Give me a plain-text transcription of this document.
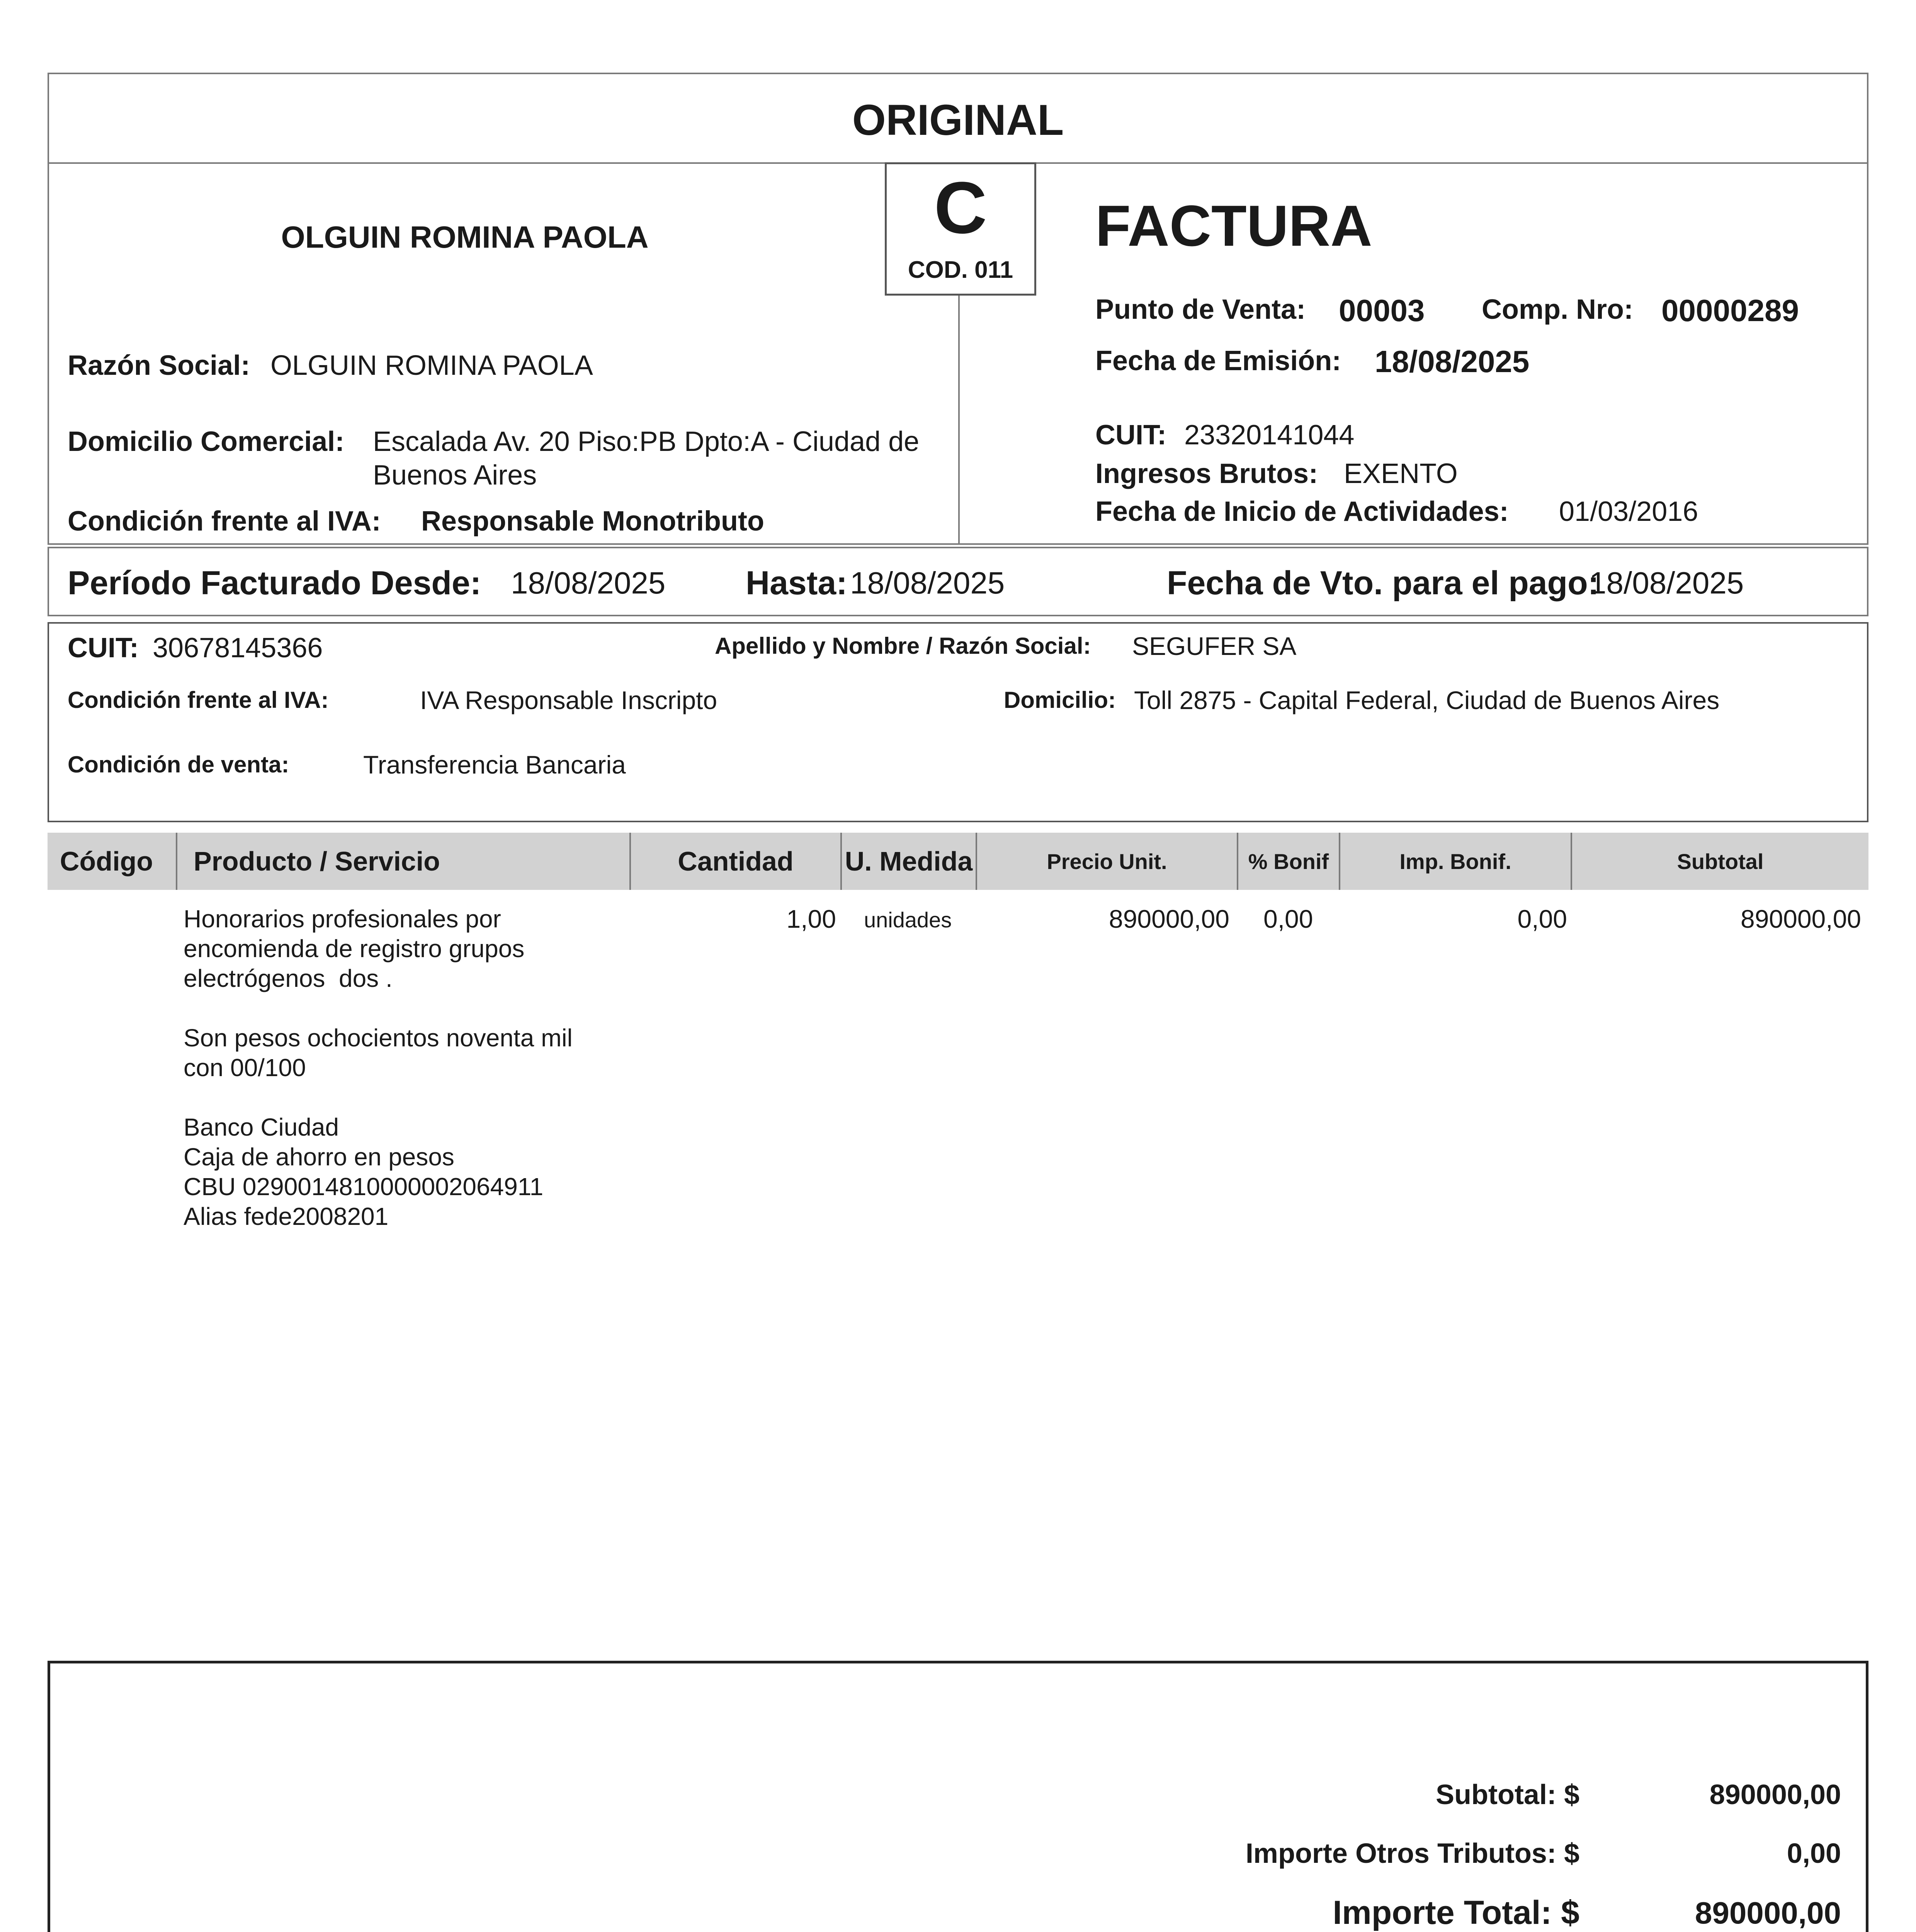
ORIGINAL
C
COD. 011
OLGUIN ROMINA PAOLA
Razón Social: OLGUIN ROMINA PAOLA
Domicilio Comercial: Escalada Av. 20 Piso:PB Dpto:A - Ciudad de
Buenos Aires
Condición frente al IVA: Responsable Monotributo
FACTURA
Punto de Venta: 00003 Comp. Nro: 00000289
Fecha de Emisión: 18/08/2025
CUIT: 23320141044
Ingresos Brutos: EXENTO
Fecha de Inicio de Actividades: 01/03/2016
Período Facturado Desde: 18/08/2025 Hasta: 18/08/2025	Fecha de Vto. para el pago:
18/08/2025
CUIT: 30678145366	Apellido y Nombre / Razón Social: SEGUFER SA
Condición frente al IVA:	IVA Responsable Inscripto	Domicilio: Toll 2875 - Capital Federal, Ciudad de Buenos Aires
Condición de venta:	Transferencia Bancaria
Código Producto / Servicio	Cantidad U. Medida	Precio Unit.	% Bonif	Imp. Bonif.	Subtotal
Honorarios profesionales por
encomienda de registro grupos
electrógenos  dos .

Son pesos ochocientos noventa mil
con 00/100

Banco Ciudad
Caja de ahorro en pesos
CBU 0290014810000002064911
Alias fede2008201
1,00 unidades	890000,00 0,00	0,00	890000,00
Subtotal: $	890000,00
Importe Otros Tributos: $	0,00
Importe Total: $	890000,00
